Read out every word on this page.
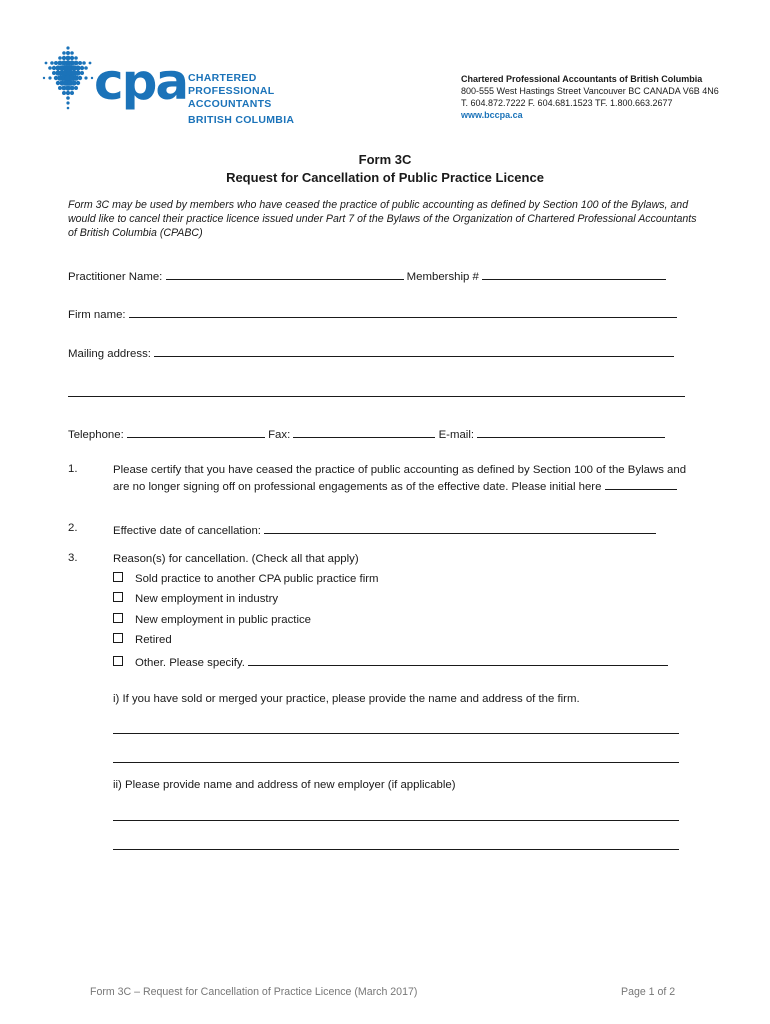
cpa CHARTERED
PROFESSIONAL
ACCOUNTANTS
BRITISH COLUMBIA
Chartered Professional Accountants of British Columbia
800-555 West Hastings Street Vancouver BC CANADA V6B 4N6
T. 604.872.7222 F. 604.681.1523 TF. 1.800.663.2677
www.bccpa.ca
Form 3C
Request for Cancellation of Public Practice Licence
Form 3C may be used by members who have ceased the practice of public accounting as defined by Section 100 of the Bylaws, and would like to cancel their practice licence issued under Part 7 of the Bylaws of the Organization of Chartered Professional Accountants of British Columbia (CPABC)
Practitioner Name:	Membership #
Firm name:
Mailing address:
Telephone:	Fax:	E-mail:
1.	Please certify that you have ceased the practice of public accounting as defined by Section 100 of the Bylaws and are no longer signing off on professional engagements as of the effective date. Please initial here
2.	Effective date of cancellation:
3.	Reason(s) for cancellation. (Check all that apply)
Sold practice to another CPA public practice firm
New employment in industry
New employment in public practice
Retired
Other. Please specify.
i) If you have sold or merged your practice, please provide the name and address of the firm.
ii) Please provide name and address of new employer (if applicable)
Form 3C – Request for Cancellation of Practice Licence (March 2017)	Page 1 of 2
